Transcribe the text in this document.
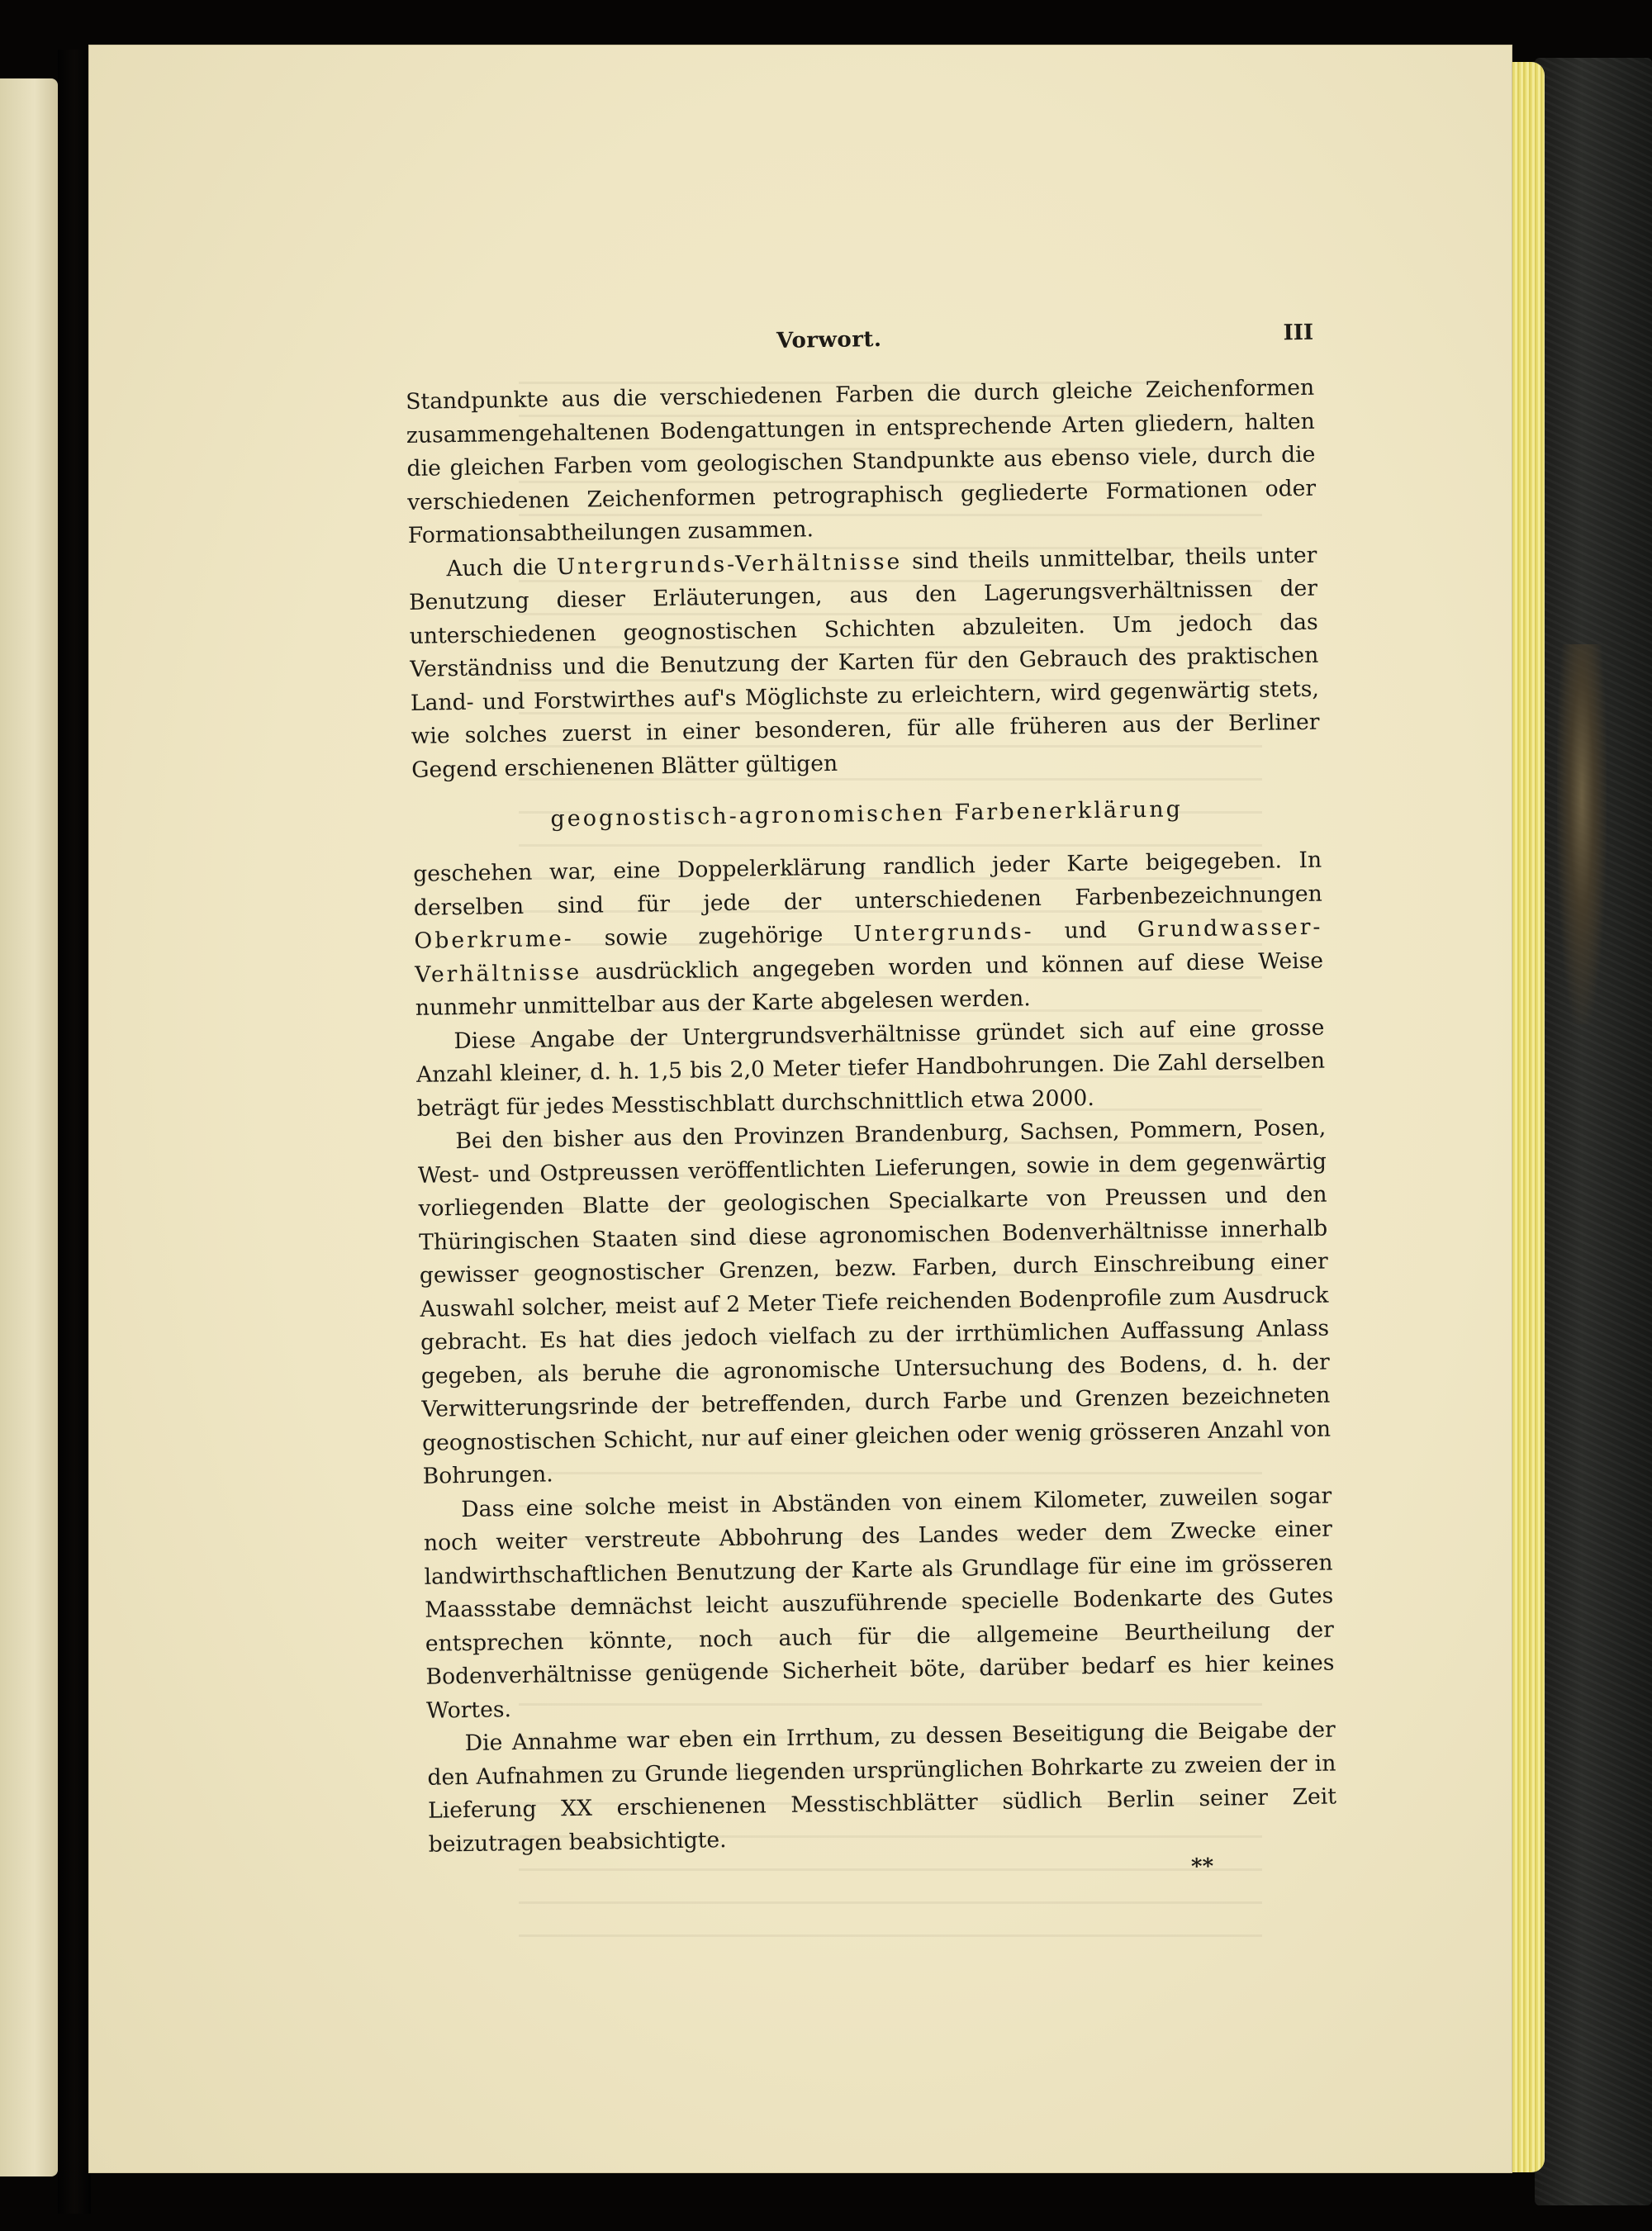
Vorwort.	III

Standpunkte aus die verschiedenen Farben die durch gleiche Zeichenformen zusammengehaltenen Bodengattungen in entsprechende Arten gliedern, halten die gleichen Farben vom geologischen Standpunkte aus ebenso viele, durch die verschiedenen Zeichenformen petrographisch gegliederte Formationen oder Formationsabtheilungen zusammen.

Auch die Untergrunds-Verhältnisse sind theils unmittelbar, theils unter Benutzung dieser Erläuterungen, aus den Lagerungsverhältnissen der unterschiedenen geognostischen Schichten abzuleiten. Um jedoch das Verständniss und die Benutzung der Karten für den Gebrauch des praktischen Land- und Forstwirthes auf's Möglichste zu erleichtern, wird gegenwärtig stets, wie solches zuerst in einer besonderen, für alle früheren aus der Berliner Gegend erschienenen Blätter gültigen

geognostisch-agronomischen Farbenerklärung

geschehen war, eine Doppelerklärung randlich jeder Karte beigegeben. In derselben sind für jede der unterschiedenen Farbenbezeichnungen Oberkrume- sowie zugehörige Untergrunds- und Grundwasser-Verhältnisse ausdrücklich angegeben worden und können auf diese Weise nunmehr unmittelbar aus der Karte abgelesen werden.

Diese Angabe der Untergrundsverhältnisse gründet sich auf eine grosse Anzahl kleiner, d. h. 1,5 bis 2,0 Meter tiefer Handbohrungen. Die Zahl derselben beträgt für jedes Messtischblatt durchschnittlich etwa 2000.

Bei den bisher aus den Provinzen Brandenburg, Sachsen, Pommern, Posen, West- und Ostpreussen veröffentlichten Lieferungen, sowie in dem gegenwärtig vorliegenden Blatte der geologischen Specialkarte von Preussen und den Thüringischen Staaten sind diese agronomischen Bodenverhältnisse innerhalb gewisser geognostischer Grenzen, bezw. Farben, durch Einschreibung einer Auswahl solcher, meist auf 2 Meter Tiefe reichenden Bodenprofile zum Ausdruck gebracht. Es hat dies jedoch vielfach zu der irrthümlichen Auffassung Anlass gegeben, als beruhe die agronomische Untersuchung des Bodens, d. h. der Verwitterungsrinde der betreffenden, durch Farbe und Grenzen bezeichneten geognostischen Schicht, nur auf einer gleichen oder wenig grösseren Anzahl von Bohrungen.

Dass eine solche meist in Abständen von einem Kilometer, zuweilen sogar noch weiter verstreute Abbohrung des Landes weder dem Zwecke einer landwirthschaftlichen Benutzung der Karte als Grundlage für eine im grösseren Maassstabe demnächst leicht auszuführende specielle Bodenkarte des Gutes entsprechen könnte, noch auch für die allgemeine Beurtheilung der Bodenverhältnisse genügende Sicherheit böte, darüber bedarf es hier keines Wortes.

Die Annahme war eben ein Irrthum, zu dessen Beseitigung die Beigabe der den Aufnahmen zu Grunde liegenden ursprünglichen Bohrkarte zu zweien der in Lieferung XX erschienenen Messtischblätter südlich Berlin seiner Zeit beizutragen beabsichtigte.

**
